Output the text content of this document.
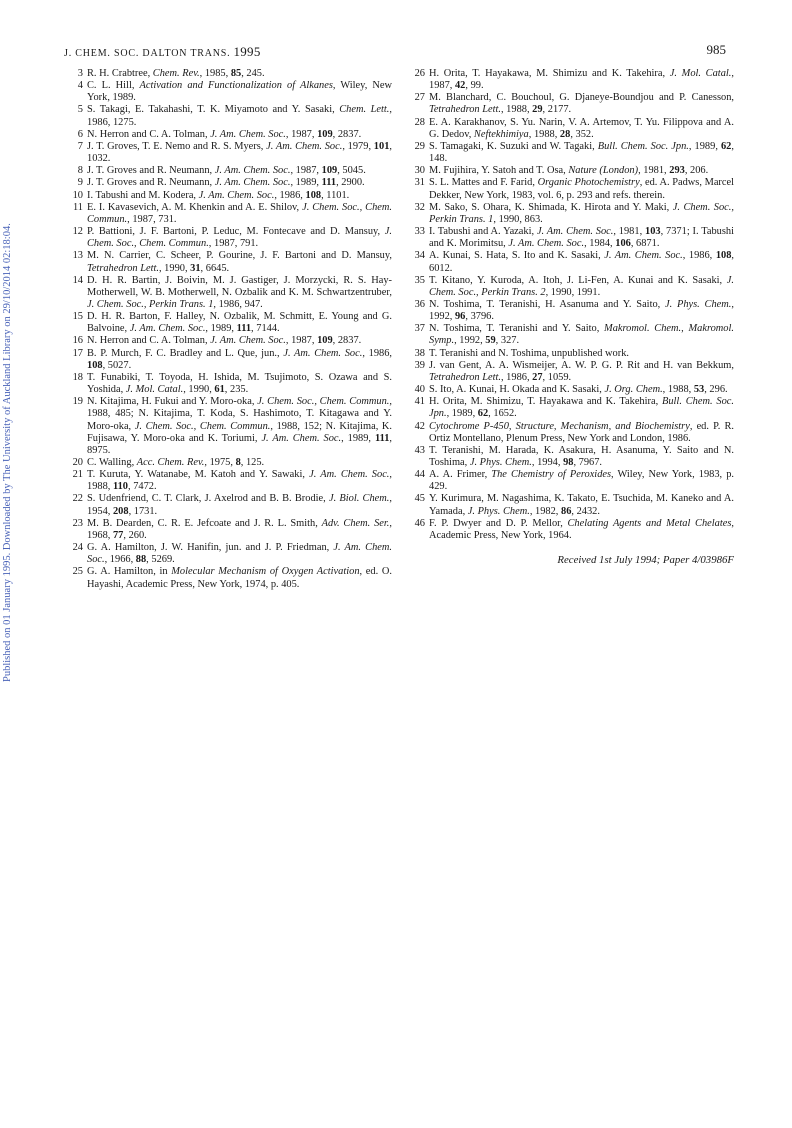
J. CHEM. SOC. DALTON TRANS. 1995	985
Published on 01 January 1995. Downloaded by The University of Auckland Library on 29/10/2014 02:18:04.
3 R. H. Crabtree, Chem. Rev., 1985, 85, 245.
4 C. L. Hill, Activation and Functionalization of Alkanes, Wiley, New York, 1989.
5 S. Takagi, E. Takahashi, T. K. Miyamoto and Y. Sasaki, Chem. Lett., 1986, 1275.
6 N. Herron and C. A. Tolman, J. Am. Chem. Soc., 1987, 109, 2837.
7 J. T. Groves, T. E. Nemo and R. S. Myers, J. Am. Chem. Soc., 1979, 101, 1032.
8 J. T. Groves and R. Neumann, J. Am. Chem. Soc., 1987, 109, 5045.
9 J. T. Groves and R. Neumann, J. Am. Chem. Soc., 1989, 111, 2900.
10 I. Tabushi and M. Kodera, J. Am. Chem. Soc., 1986, 108, 1101.
11 E. I. Kavasevich, A. M. Khenkin and A. E. Shilov, J. Chem. Soc., Chem. Commun., 1987, 731.
12 P. Battioni, J. F. Bartoni, P. Leduc, M. Fontecave and D. Mansuy, J. Chem. Soc., Chem. Commun., 1987, 791.
13 M. N. Carrier, C. Scheer, P. Gourine, J. F. Bartoni and D. Mansuy, Tetrahedron Lett., 1990, 31, 6645.
14 D. H. R. Bartin, J. Boivin, M. J. Gastiger, J. Morzycki, R. S. Hay-Motherwell, W. B. Motherwell, N. Ozbalik and K. M. Schwartzentruber, J. Chem. Soc., Perkin Trans. 1, 1986, 947.
15 D. H. R. Barton, F. Halley, N. Ozbalik, M. Schmitt, E. Young and G. Balvoine, J. Am. Chem. Soc., 1989, 111, 7144.
16 N. Herron and C. A. Tolman, J. Am. Chem. Soc., 1987, 109, 2837.
17 B. P. Murch, F. C. Bradley and L. Que, jun., J. Am. Chem. Soc., 1986, 108, 5027.
18 T. Funabiki, T. Toyoda, H. Ishida, M. Tsujimoto, S. Ozawa and S. Yoshida, J. Mol. Catal., 1990, 61, 235.
19 N. Kitajima, H. Fukui and Y. Moro-oka, J. Chem. Soc., Chem. Commun., 1988, 485; N. Kitajima, T. Koda, S. Hashimoto, T. Kitagawa and Y. Moro-oka, J. Chem. Soc., Chem. Commun., 1988, 152; N. Kitajima, K. Fujisawa, Y. Moro-oka and K. Toriumi, J. Am. Chem. Soc., 1989, 111, 8975.
20 C. Walling, Acc. Chem. Rev., 1975, 8, 125.
21 T. Kuruta, Y. Watanabe, M. Katoh and Y. Sawaki, J. Am. Chem. Soc., 1988, 110, 7472.
22 S. Udenfriend, C. T. Clark, J. Axelrod and B. B. Brodie, J. Biol. Chem., 1954, 208, 1731.
23 M. B. Dearden, C. R. E. Jefcoate and J. R. L. Smith, Adv. Chem. Ser., 1968, 77, 260.
24 G. A. Hamilton, J. W. Hanifin, jun. and J. P. Friedman, J. Am. Chem. Soc., 1966, 88, 5269.
25 G. A. Hamilton, in Molecular Mechanism of Oxygen Activation, ed. O. Hayashi, Academic Press, New York, 1974, p. 405.
26 H. Orita, T. Hayakawa, M. Shimizu and K. Takehira, J. Mol. Catal., 1987, 42, 99.
27 M. Blanchard, C. Bouchoul, G. Djaneye-Boundjou and P. Canesson, Tetrahedron Lett., 1988, 29, 2177.
28 E. A. Karakhanov, S. Yu. Narin, V. A. Artemov, T. Yu. Filippova and A. G. Dedov, Neftekhimiya, 1988, 28, 352.
29 S. Tamagaki, K. Suzuki and W. Tagaki, Bull. Chem. Soc. Jpn., 1989, 62, 148.
30 M. Fujihira, Y. Satoh and T. Osa, Nature (London), 1981, 293, 206.
31 S. L. Mattes and F. Farid, Organic Photochemistry, ed. A. Padws, Marcel Dekker, New York, 1983, vol. 6, p. 293 and refs. therein.
32 M. Sako, S. Ohara, K. Shimada, K. Hirota and Y. Maki, J. Chem. Soc., Perkin Trans. 1, 1990, 863.
33 I. Tabushi and A. Yazaki, J. Am. Chem. Soc., 1981, 103, 7371; I. Tabushi and K. Morimitsu, J. Am. Chem. Soc., 1984, 106, 6871.
34 A. Kunai, S. Hata, S. Ito and K. Sasaki, J. Am. Chem. Soc., 1986, 108, 6012.
35 T. Kitano, Y. Kuroda, A. Itoh, J. Li-Fen, A. Kunai and K. Sasaki, J. Chem. Soc., Perkin Trans. 2, 1990, 1991.
36 N. Toshima, T. Teranishi, H. Asanuma and Y. Saito, J. Phys. Chem., 1992, 96, 3796.
37 N. Toshima, T. Teranishi and Y. Saito, Makromol. Chem., Makromol. Symp., 1992, 59, 327.
38 T. Teranishi and N. Toshima, unpublished work.
39 J. van Gent, A. A. Wismeijer, A. W. P. G. P. Rit and H. van Bekkum, Tetrahedron Lett., 1986, 27, 1059.
40 S. Ito, A. Kunai, H. Okada and K. Sasaki, J. Org. Chem., 1988, 53, 296.
41 H. Orita, M. Shimizu, T. Hayakawa and K. Takehira, Bull. Chem. Soc. Jpn., 1989, 62, 1652.
42 Cytochrome P-450, Structure, Mechanism, and Biochemistry, ed. P. R. Ortiz Montellano, Plenum Press, New York and London, 1986.
43 T. Teranishi, M. Harada, K. Asakura, H. Asanuma, Y. Saito and N. Toshima, J. Phys. Chem., 1994, 98, 7967.
44 A. A. Frimer, The Chemistry of Peroxides, Wiley, New York, 1983, p. 429.
45 Y. Kurimura, M. Nagashima, K. Takato, E. Tsuchida, M. Kaneko and A. Yamada, J. Phys. Chem., 1982, 86, 2432.
46 F. P. Dwyer and D. P. Mellor, Chelating Agents and Metal Chelates, Academic Press, New York, 1964.
Received 1st July 1994; Paper 4/03986F
